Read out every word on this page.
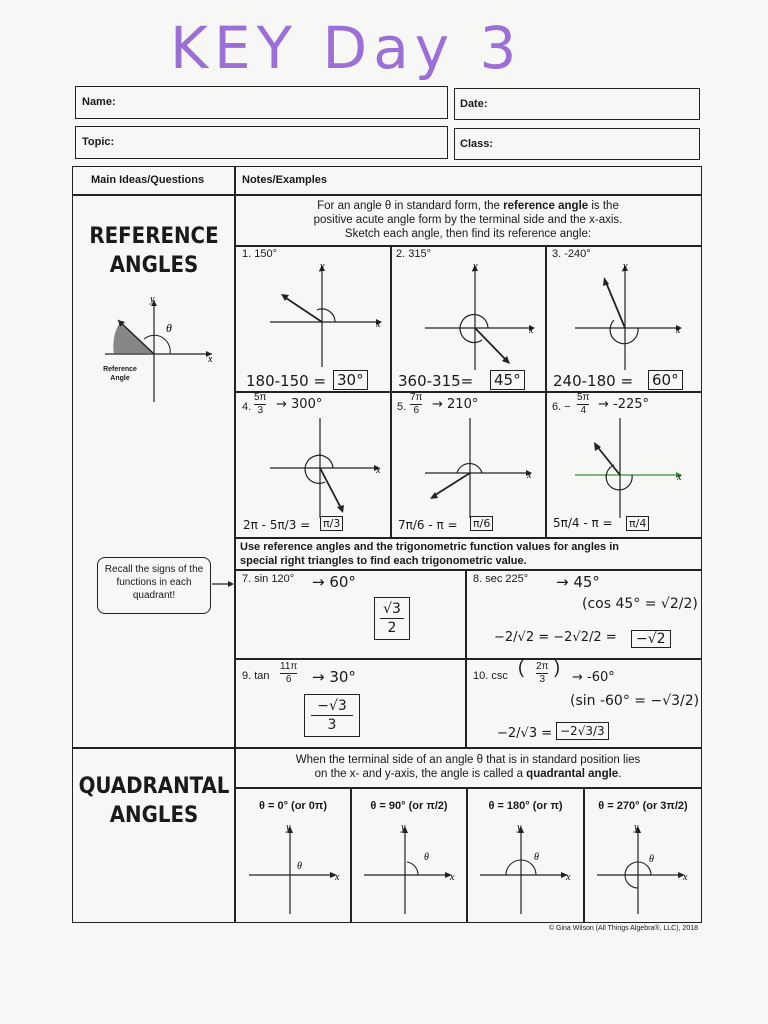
KEY Day 3
Name:	Date:
Topic:	Class:
Main Ideas/Questions	Notes/Examples
REFERENCE
ANGLES
y
x
θ
Reference Angle
For an angle θ in standard form, the reference angle is the
positive acute angle form by the terminal side and the x-axis.
Sketch each angle, then find its reference angle:
1. 150°
y
x
180-150 = 30°
2. 315°
y
x
360-315= 45°
3. -240°
y
x
240-180 = 60°
4.
5π
3 → 300°
x
2π - 5π/3 = π/3
5.
7π
6 → 210°
x
7π/6 - π = π/6
6. −
5π
4 → -225°
x
5π/4 - π = π/4
Recall the signs of the functions in each quadrant!
Use reference angles and the trigonometric function values for angles in
special right triangles to find each trigonometric value.
7. sin 120° → 60°
√3
2
8. sec 225° → 45°
(cos 45° = √2/2)
−2/√2 = −2√2/2 =	−√2
9. tan
11π
6	→ 30°
−√3
3
10. csc ( 2π
3
)
→ -60°
(sin -60° = −√3/2)
−2/√3 = −2√3/3
QUADRANTAL
ANGLES
When the terminal side of an angle θ that is in standard position lies
on the x- and y-axis, the angle is called a quadrantal angle.
θ = 0° (or 0π)	θ = 90° (or π/2)	θ = 180° (or π)	θ = 270° (or 3π/2)
y
x
θ
y
x
θ
y
x
θ
y
x
θ
© Gina Wilson (All Things Algebra®, LLC), 2018
